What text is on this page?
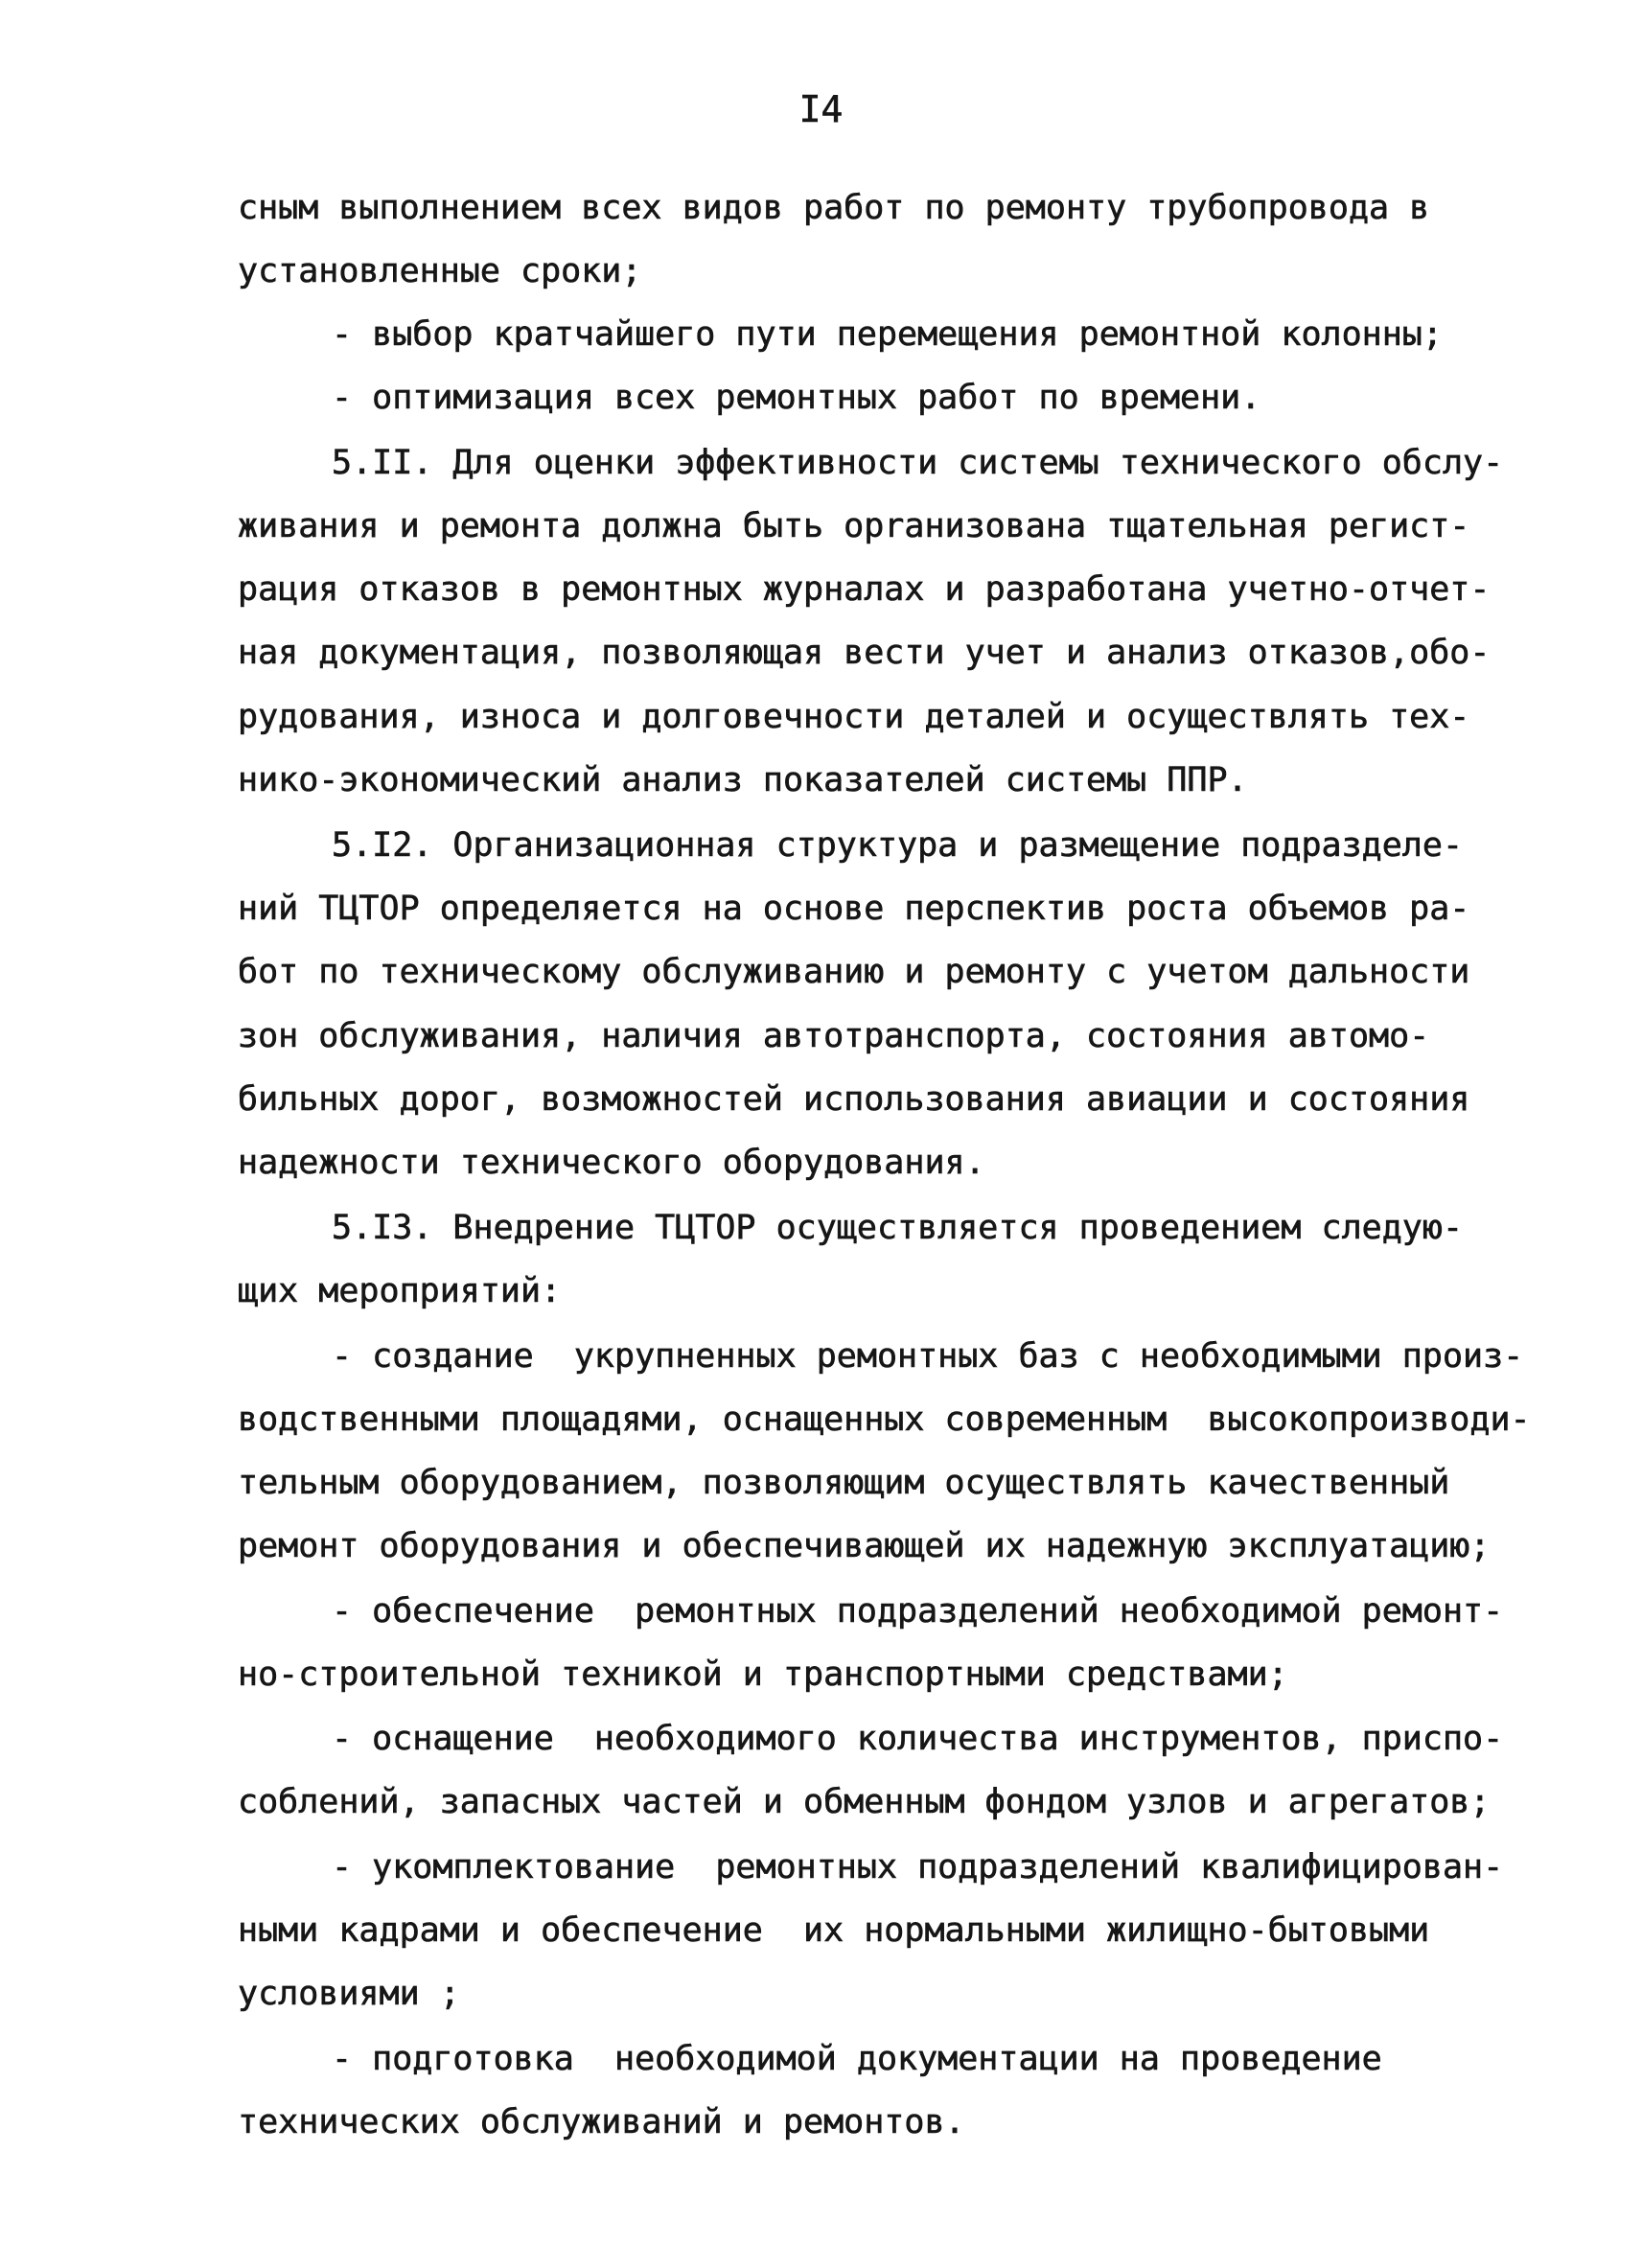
I4

сным выполнением всех видов работ по ремонту трубопровода в

установленные сроки;

- выбор кратчайшего пути перемещения ремонтной колонны;

- оптимизация всех ремонтных работ по времени.

5.II. Для оценки эффективности системы технического обслу-

живания и ремонта должна быть орrанизована тщательная регист-

рация отказов в ремонтных журналах и разработана учетно-отчет-

ная документация, позволяющая вести учет и анализ отказов,обо-

рудования, износа и долговечности деталей и осуществлять тех-

нико-экономический анализ показателей системы ППР.

5.I2. Организационная структура и размещение подразделе-

ний ТЦТОР определяется на основе перспектив роста объемов ра-

бот по техническому обслуживанию и ремонту с учетом дальности

зон обслуживания, наличия автотранспорта, состояния автомо-

бильных дорог, возможностей использования авиации и состояния

надежности технического оборудования.

5.I3. Внедрение ТЦТОР осуществляется проведением следую-

щих мероприятий:

- создание  укрупненных ремонтных баз с необходимыми произ-

водственными площадями, оснащенных современным  высокопроизводи-

тельным оборудованием, позволяющим осуществлять качественный

ремонт оборудования и обеспечивающей их надежную эксплуатацию;

- обеспечение  ремонтных подразделений необходимой ремонт-

но-строительной техникой и транспортными средствами;

- оснащение  необходимого количества инструментов, приспо-

соблений, запасных частей и обменным фондом узлов и агрегатов;

- укомплектование  ремонтных подразделений квалифицирован-

ными кадрами и обеспечение  их нормальными жилищно-бытовыми

условиями ;

- подготовка  необходимой документации на проведение

технических обслуживаний и ремонтов.
